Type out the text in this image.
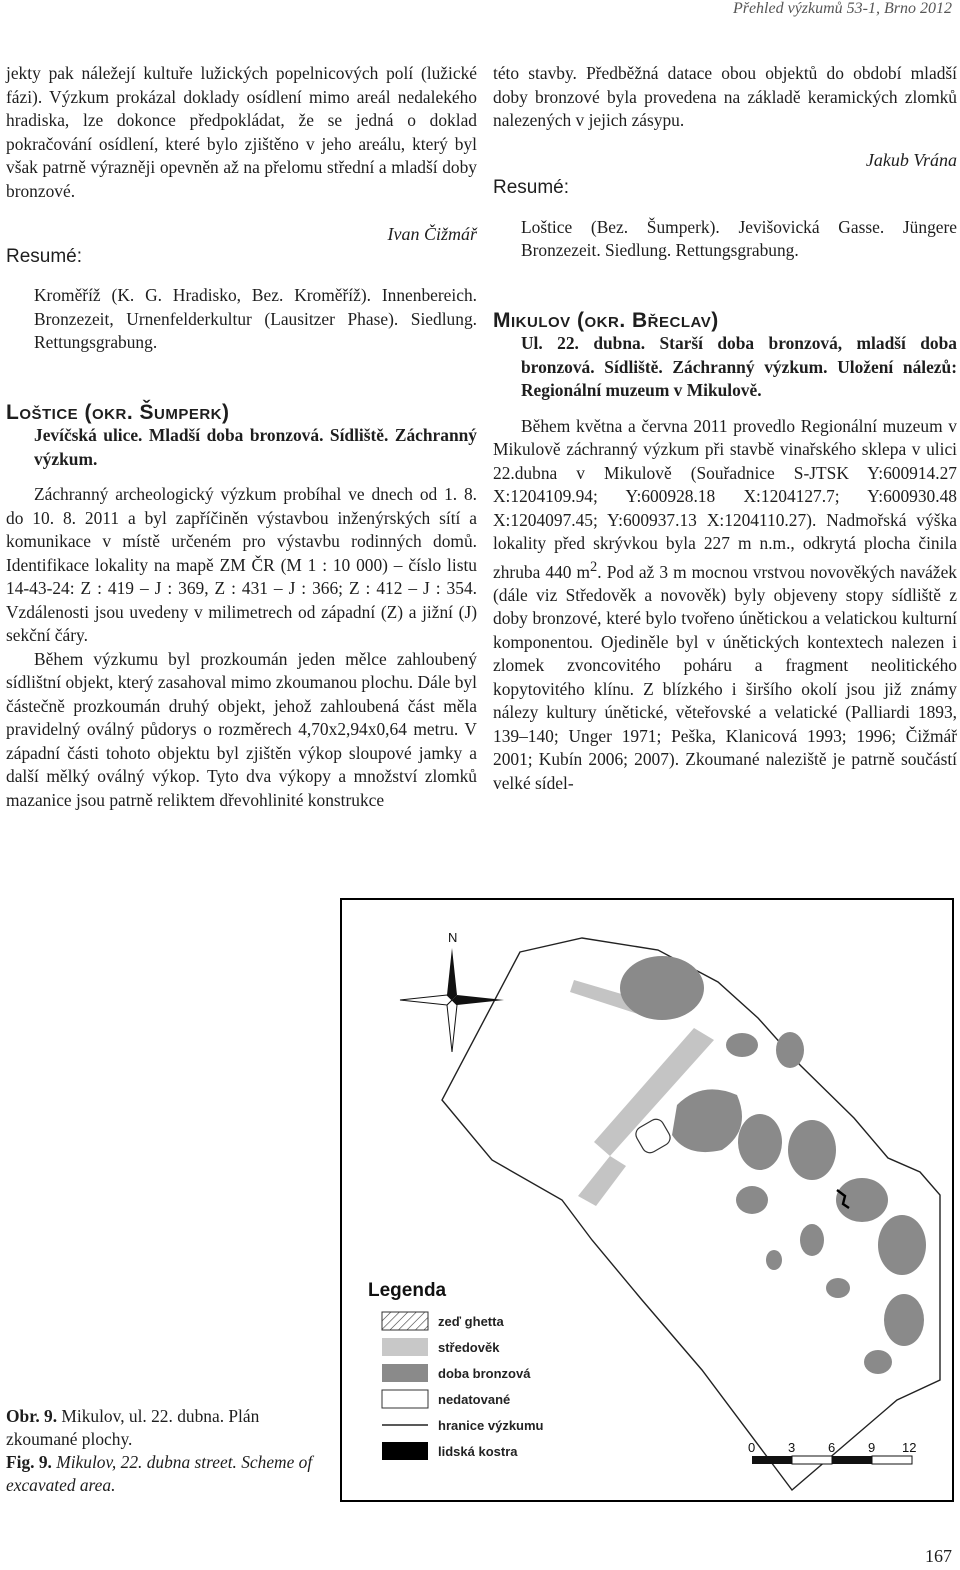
Přehled výzkumů 53-1, Brno 2012

jekty pak náležejí kultuře lužických popelnicových polí (lužické fázi). Výzkum prokázal doklady osídlení mimo areál nedalekého hradiska, lze dokonce předpokládat, že se jedná o doklad pokračování osídlení, které bylo zjištěno v jeho areálu, který byl však patrně výrazněji opevněn až na přelomu střední a mladší doby bronzové.

Ivan Čižmář

Resumé:

Kroměříž (K. G. Hradisko, Bez. Kroměříž). Innenbereich. Bronzezeit, Urnenfelderkultur (Lausitzer Phase). Siedlung. Rettungsgrabung.

Loštice (okr. Šumperk)

Jevíčská ulice. Mladší doba bronzová. Sídliště. Záchranný výzkum.

Záchranný archeologický výzkum probíhal ve dnech od 1. 8. do 10. 8. 2011 a byl zapříčiněn výstavbou inženýrských sítí a komunikace v místě určeném pro výstavbu rodinných domů. Identifikace lokality na mapě ZM ČR (M 1 : 10 000) – číslo listu 14-43-24: Z : 419 – J : 369, Z : 431 – J : 366; Z : 412 – J : 354. Vzdálenosti jsou uvedeny v milimetrech od západní (Z) a jižní (J) sekční čáry.

Během výzkumu byl prozkoumán jeden mělce zahloubený sídlištní objekt, který zasahoval mimo zkoumanou plochu. Dále byl částečně prozkoumán druhý objekt, jehož zahloubená část měla pravidelný oválný půdorys o rozměrech 4,70x2,94x0,64 metru. V západní části tohoto objektu byl zjištěn výkop sloupové jamky a další mělký oválný výkop. Tyto dva výkopy a množství zlomků mazanice jsou patrně reliktem dřevohlinité konstrukce

této stavby. Předběžná datace obou objektů do období mladší doby bronzové byla provedena na základě keramických zlomků nalezených v jejich zásypu.

Jakub Vrána

Resumé:

Loštice (Bez. Šumperk). Jevišovická Gasse. Jüngere Bronzezeit. Siedlung. Rettungsgrabung.

Mikulov (okr. Břeclav)

Ul. 22. dubna. Starší doba bronzová, mladší doba bronzová. Sídliště. Záchranný výzkum. Uložení nálezů: Regionální muzeum v Mikulově.

Během května a června 2011 provedlo Regionální muzeum v Mikulově záchranný výzkum při stavbě vinařského sklepa v ulici 22.dubna v Mikulově (Souřadnice S-JTSK Y:600914.27 X:1204109.94; Y:600928.18 X:1204127.7; Y:600930.48 X:1204097.45; Y:600937.13 X:1204110.27). Nadmořská výška lokality před skrývkou byla 227 m n.m., odkrytá plocha činila zhruba 440 $m^2$. Pod až 3 m mocnou vrstvou novověkých navážek (dále viz Středověk a novověk) byly objeveny stopy sídliště z doby bronzové, které bylo tvořeno únětickou a velatickou kulturní komponentou. Ojediněle byl v únětických kontextech nalezen i zlomek zvoncovitého poháru a fragment neolitického kopytovitého klínu. Z blízkého i širšího okolí jsou již známy nálezy kultury únětické, věteřovské a velatické (Palliardi 1893, 139–140; Unger 1971; Peška, Klanicová 1993; 1996; Čižmář 2001; Kubín 2006; 2007). Zkoumané naleziště je patrně součástí velké sídel-

N
Legenda
zeď ghetta
středověk
doba bronzová
nedatované
hranice výzkumu
lidská kostra	0	3	6	9 12

Obr. 9. Mikulov, ul. 22. dubna. Plán zkoumané plochy.

Fig. 9. Mikulov, 22. dubna street. Scheme of excavated area.

167
